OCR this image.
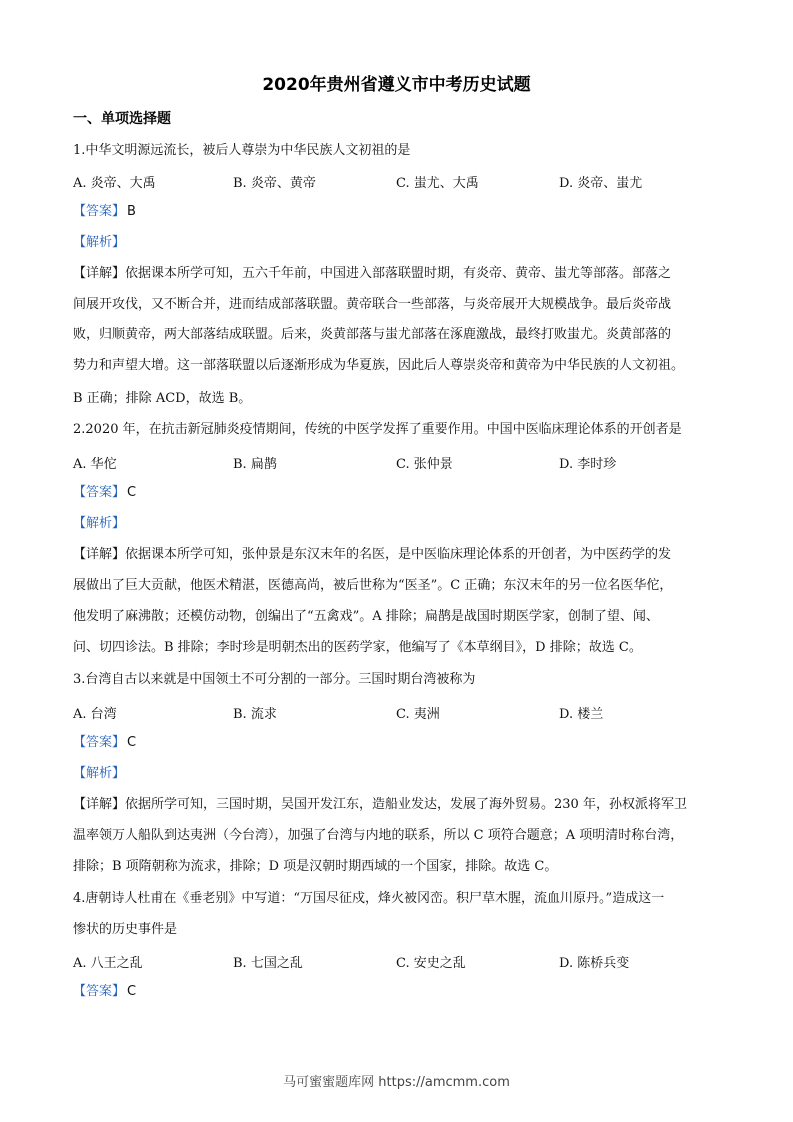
2020年贵州省遵义市中考历史试题
一、单项选择题
1.中华文明源远流长，被后人尊崇为中华民族人文初祖的是
A. 炎帝、大禹	B. 炎帝、黄帝	C. 蚩尤、大禹	D. 炎帝、蚩尤
【答案】 B
【解析】
【详解】依据课本所学可知，五六千年前，中国进入部落联盟时期，有炎帝、黄帝、蚩尤等部落。部落之
间展开攻伐，又不断合并，进而结成部落联盟。黄帝联合一些部落，与炎帝展开大规模战争。最后炎帝战
败，归顺黄帝，两大部落结成联盟。后来，炎黄部落与蚩尤部落在涿鹿激战，最终打败蚩尤。炎黄部落的
势力和声望大增。这一部落联盟以后逐渐形成为华夏族，因此后人尊崇炎帝和黄帝为中华民族的人文初祖。
B 正确；排除 ACD，故选 B。
2.2020 年，在抗击新冠肺炎疫情期间，传统的中医学发挥了重要作用。中国中医临床理论体系的开创者是
A. 华佗	B. 扁鹊	C. 张仲景	D. 李时珍
【答案】 C
【解析】
【详解】依据课本所学可知，张仲景是东汉末年的名医，是中医临床理论体系的开创者，为中医药学的发
展做出了巨大贡献，他医术精湛，医德高尚，被后世称为“医圣”。C 正确；东汉末年的另一位名医华佗，
他发明了麻沸散；还模仿动物，创编出了“五禽戏”。A 排除；扁鹊是战国时期医学家，创制了望、闻、
问、切四诊法。B 排除；李时珍是明朝杰出的医药学家，他编写了《本草纲目》，D 排除；故选 C。
3.台湾自古以来就是中国领土不可分割的一部分。三国时期台湾被称为
A. 台湾	B. 流求	C. 夷洲	D. 楼兰
【答案】 C
【解析】
【详解】依据所学可知，三国时期，吴国开发江东，造船业发达，发展了海外贸易。230 年，孙权派将军卫
温率领万人船队到达夷洲（今台湾），加强了台湾与内地的联系，所以 C 项符合题意；A 项明清时称台湾，
排除；B 项隋朝称为流求，排除；D 项是汉朝时期西域的一个国家，排除。故选 C。
4.唐朝诗人杜甫在《垂老别》中写道：“万国尽征戍，烽火被冈峦。积尸草木腥，流血川原丹。”造成这一
惨状的历史事件是
A. 八王之乱	B. 七国之乱	C. 安史之乱	D. 陈桥兵变
【答案】 C
马可蜜蜜题库网 https://amcmm.com
